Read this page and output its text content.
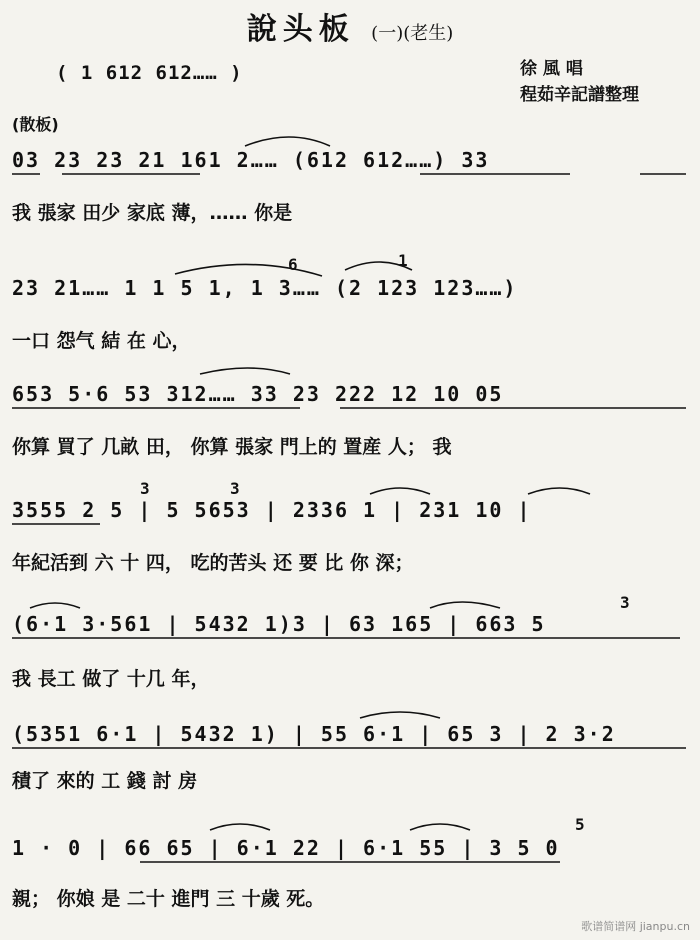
說头板 (一)(老生)
( 1 612 612…… )	徐 風 唱
程茹辛記譜整理
(散板)
03 23 23 21 161 2…… (612 612……) 33
我 張家 田少 家底 薄，…… 你是
23 21…… 1 1 5 1, 1 3…… (2 123 123……)
一口 怨气 結 在 心，
653 5·6 53 312…… 33 23 222 12 10 05
你算 買了 几畝 田， 你算 張家 門上的 置産 人； 我
3555 2 5 | 5 5653 | 2336 1 | 231 10 |
年紀活到 六 十 四， 吃的苦头 还 要 比 你 深；
(6·1 3·561 | 5432 1)3 | 63 165 | 663 5
我 長工 做了 十几 年，
(5351 6·1 | 5432 1) | 55 6·1 | 65 3 | 2 3·2
積了 來的 工 錢 討 房
1 · 0 | 66 65 | 6·1 22 | 6·1 55 | 3 5 0
親； 你娘 是 二十 進門 三 十歲 死。
6	1
3	3
3
5
歌谱简谱网 jianpu.cn
